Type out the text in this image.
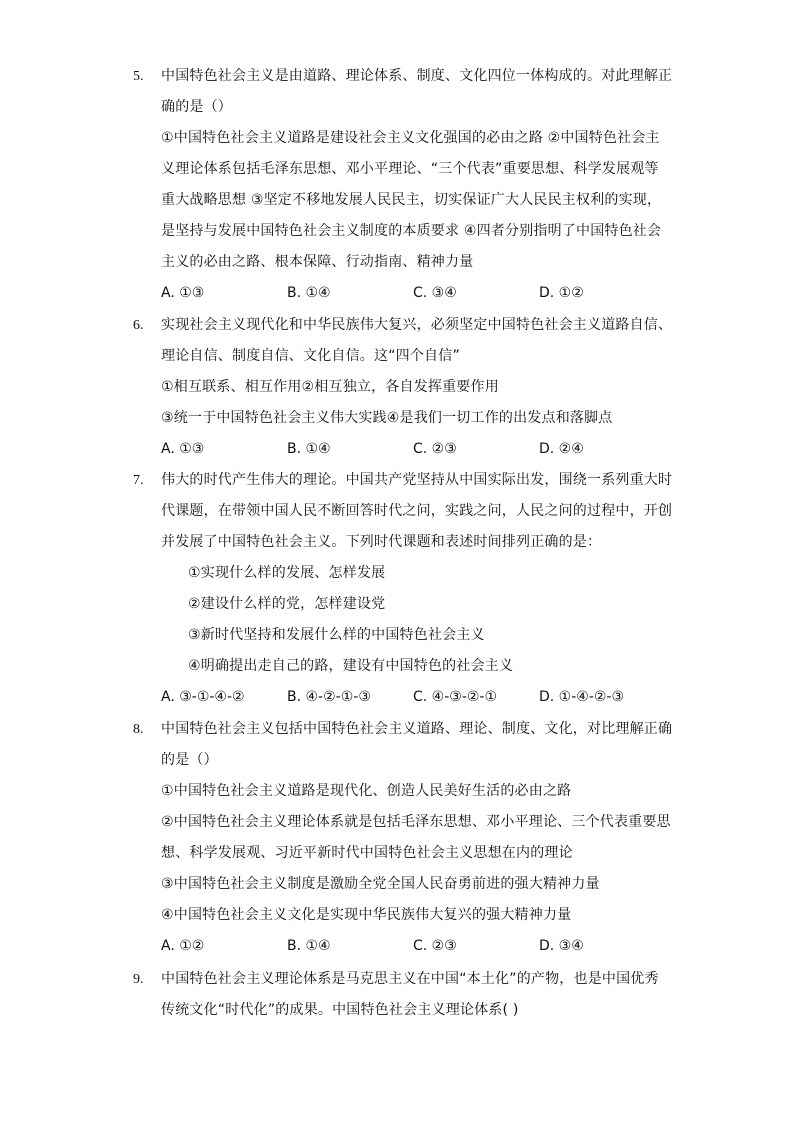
5. 中国特色社会主义是由道路、理论体系、制度、文化四位一体构成的。对此理解正
确的是（）
①中国特色社会主义道路是建设社会主义文化强国的必由之路 ②中国特色社会主
义理论体系包括毛泽东思想、邓小平理论、“三个代表”重要思想、科学发展观等
重大战略思想 ③坚定不移地发展人民民主，切实保证广大人民民主权利的实现，
是坚持与发展中国特色社会主义制度的本质要求 ④四者分别指明了中国特色社会
主义的必由之路、根本保障、行动指南、精神力量
A. ①③	B. ①④	C. ③④	D. ①②
6. 实现社会主义现代化和中华民族伟大复兴，必须坚定中国特色社会主义道路自信、
理论自信、制度自信、文化自信。这“四个自信”
①相互联系、相互作用②相互独立，各自发挥重要作用
③统一于中国特色社会主义伟大实践④是我们一切工作的出发点和落脚点
A. ①③	B. ①④	C. ②③	D. ②④
7. 伟大的时代产生伟大的理论。中国共产党坚持从中国实际出发，围绕一系列重大时
代课题，在带领中国人民不断回答时代之问，实践之问，人民之问的过程中，开创
并发展了中国特色社会主义。下列时代课题和表述时间排列正确的是：
①实现什么样的发展、怎样发展
②建设什么样的党，怎样建设党
③新时代坚持和发展什么样的中国特色社会主义
④明确提出走自己的路，建设有中国特色的社会主义
A. ③-①-④-②	B. ④-②-①-③	C. ④-③-②-①	D. ①-④-②-③
8. 中国特色社会主义包括中国特色社会主义道路、理论、制度、文化，对比理解正确
的是（）
①中国特色社会主义道路是现代化、创造人民美好生活的必由之路
②中国特色社会主义理论体系就是包括毛泽东思想、邓小平理论、三个代表重要思
想、科学发展观、习近平新时代中国特色社会主义思想在内的理论
③中国特色社会主义制度是激励全党全国人民奋勇前进的强大精神力量
④中国特色社会主义文化是实现中华民族伟大复兴的强大精神力量
A. ①②	B. ①④	C. ②③	D. ③④
9. 中国特色社会主义理论体系是马克思主义在中国“本土化”的产物，也是中国优秀
传统文化“时代化”的成果。中国特色社会主义理论体系( )
